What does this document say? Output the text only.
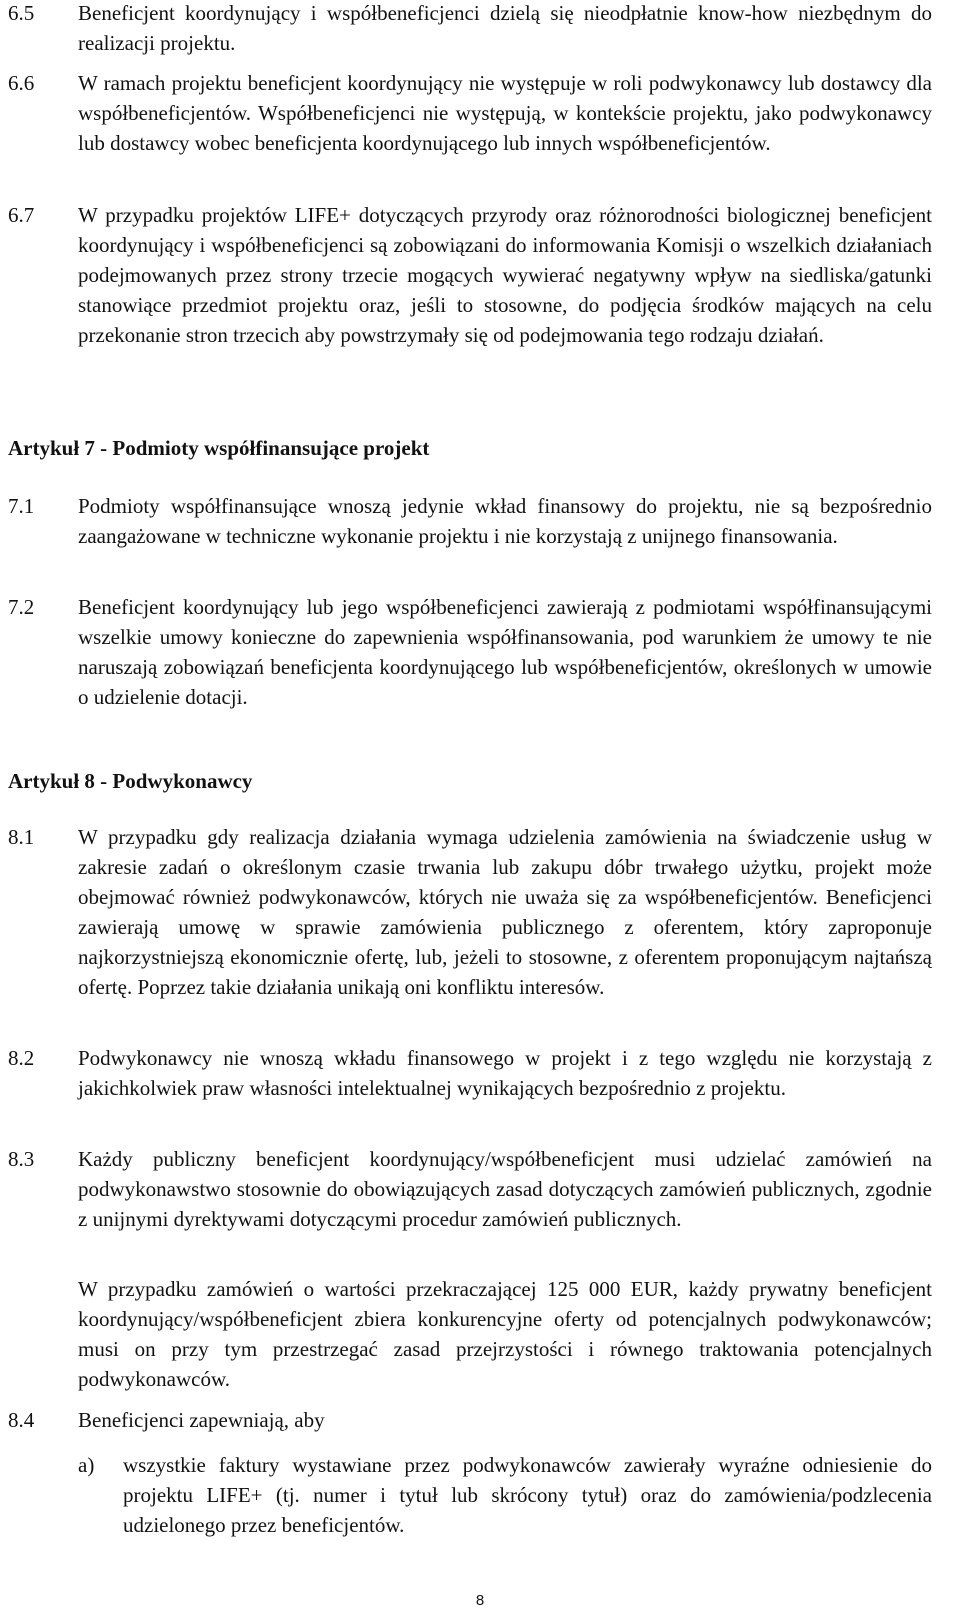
6.5 Beneficjent koordynujący i współbeneficjenci dzielą się nieodpłatnie know-how niezbędnym do realizacji projektu.
6.6 W ramach projektu beneficjent koordynujący nie występuje w roli podwykonawcy lub dostawcy dla współbeneficjentów. Współbeneficjenci nie występują, w kontekście projektu, jako podwykonawcy lub dostawcy wobec beneficjenta koordynującego lub innych współbeneficjentów.
6.7 W przypadku projektów LIFE+ dotyczących przyrody oraz różnorodności biologicznej beneficjent koordynujący i współbeneficjenci są zobowiązani do informowania Komisji o wszelkich działaniach podejmowanych przez strony trzecie mogących wywierać negatywny wpływ na siedliska/gatunki stanowiące przedmiot projektu oraz, jeśli to stosowne, do podjęcia środków mających na celu przekonanie stron trzecich aby powstrzymały się od podejmowania tego rodzaju działań.
Artykuł 7 - Podmioty współfinansujące projekt
7.1 Podmioty współfinansujące wnoszą jedynie wkład finansowy do projektu, nie są bezpośrednio zaangażowane w techniczne wykonanie projektu i nie korzystają z unijnego finansowania.
7.2 Beneficjent koordynujący lub jego współbeneficjenci zawierają z podmiotami współfinansującymi wszelkie umowy konieczne do zapewnienia współfinansowania, pod warunkiem że umowy te nie naruszają zobowiązań beneficjenta koordynującego lub współbeneficjentów, określonych w umowie o udzielenie dotacji.
Artykuł 8 - Podwykonawcy
8.1 W przypadku gdy realizacja działania wymaga udzielenia zamówienia na świadczenie usług w zakresie zadań o określonym czasie trwania lub zakupu dóbr trwałego użytku, projekt może obejmować również podwykonawców, których nie uważa się za współbeneficjentów. Beneficjenci zawierają umowę w sprawie zamówienia publicznego z oferentem, który zaproponuje najkorzystniejszą ekonomicznie ofertę, lub, jeżeli to stosowne, z oferentem proponującym najtańszą ofertę. Poprzez takie działania unikają oni konfliktu interesów.
8.2 Podwykonawcy nie wnoszą wkładu finansowego w projekt i z tego względu nie korzystają z jakichkolwiek praw własności intelektualnej wynikających bezpośrednio z projektu.
8.3 Każdy publiczny beneficjent koordynujący/współbeneficjent musi udzielać zamówień na podwykonawstwo stosownie do obowiązujących zasad dotyczących zamówień publicznych, zgodnie z unijnymi dyrektywami dotyczącymi procedur zamówień publicznych.
W przypadku zamówień o wartości przekraczającej 125 000 EUR, każdy prywatny beneficjent koordynujący/współbeneficjent zbiera konkurencyjne oferty od potencjalnych podwykonawców; musi on przy tym przestrzegać zasad przejrzystości i równego traktowania potencjalnych podwykonawców.
8.4 Beneficjenci zapewniają, aby
a) wszystkie faktury wystawiane przez podwykonawców zawierały wyraźne odniesienie do projektu LIFE+ (tj. numer i tytuł lub skrócony tytuł) oraz do zamówienia/podzlecenia udzielonego przez beneficjentów.
8
